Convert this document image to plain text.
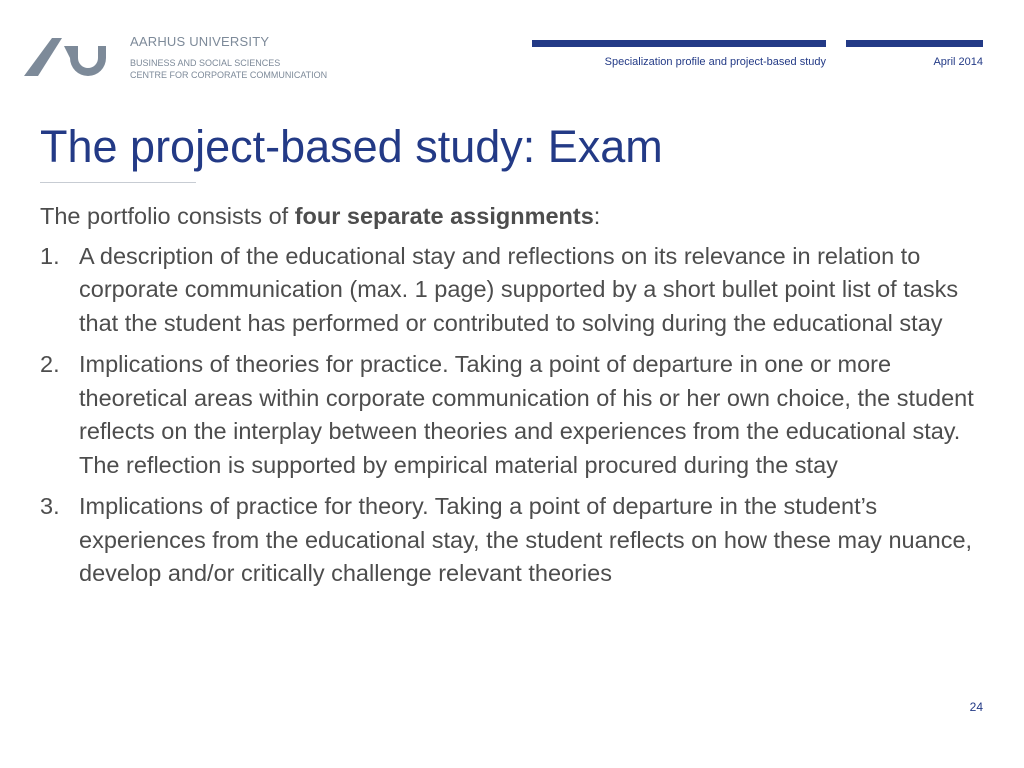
AARHUS UNIVERSITY
BUSINESS AND SOCIAL SCIENCES
CENTRE FOR CORPORATE COMMUNICATION
Specialization profile and project-based study	April 2014
The project-based study: Exam

The portfolio consists of four separate assignments:

1. A description of the educational stay and reflections on its relevance in relation to corporate communication (max. 1 page) supported by a short bullet point list of tasks that the student has performed or contributed to solving during the educational stay
2. Implications of theories for practice. Taking a point of departure in one or more theoretical areas within corporate communication of his or her own choice, the student reflects on the interplay between theories and experiences from the educational stay. The reflection is supported by empirical material procured during the stay
3. Implications of practice for theory. Taking a point of departure in the student’s experiences from the educational stay, the student reflects on how these may nuance, develop and/or critically challenge relevant theories
24
